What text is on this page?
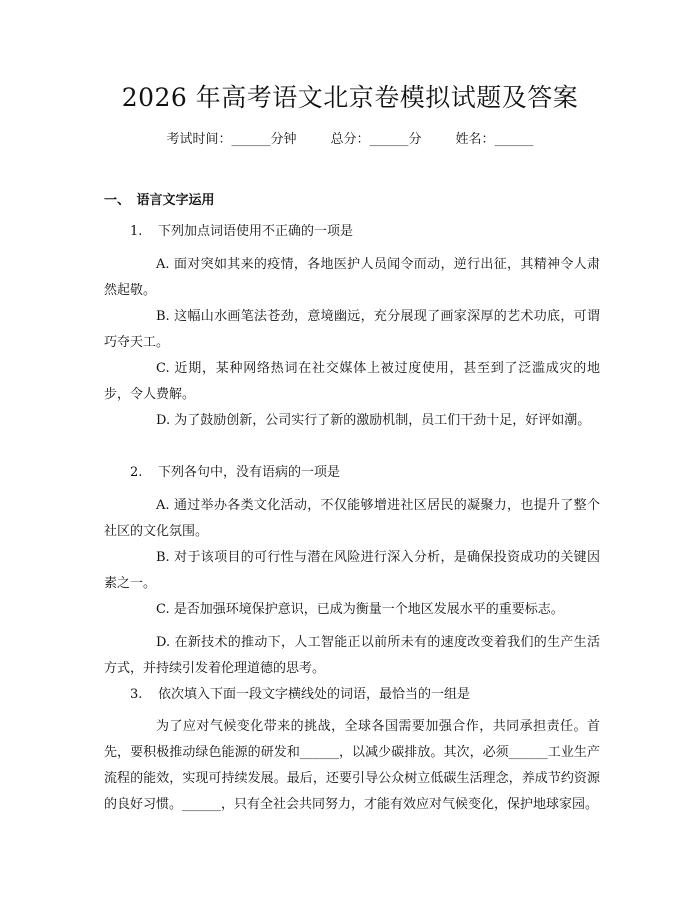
2026 年高考语文北京卷模拟试题及答案
考试时间：______分钟	总分：______分	姓名：______
一、　语言文字运用
1. 下列加点词语使用不正确的一项是
A. 面对突如其来的疫情，各地医护人员闻令而动，逆行出征，其精神令人肃然起敬。
B. 这幅山水画笔法苍劲，意境幽远，充分展现了画家深厚的艺术功底，可谓巧夺天工。
C. 近期，某种网络热词在社交媒体上被过度使用，甚至到了泛滥成灾的地步，令人费解。
D. 为了鼓励创新，公司实行了新的激励机制，员工们干劲十足，好评如潮。
2. 下列各句中，没有语病的一项是
A. 通过举办各类文化活动，不仅能够增进社区居民的凝聚力，也提升了整个社区的文化氛围。
B. 对于该项目的可行性与潜在风险进行深入分析，是确保投资成功的关键因素之一。
C. 是否加强环境保护意识，已成为衡量一个地区发展水平的重要标志。
D. 在新技术的推动下，人工智能正以前所未有的速度改变着我们的生产生活方式，并持续引发着伦理道德的思考。
3. 依次填入下面一段文字横线处的词语，最恰当的一组是
为了应对气候变化带来的挑战，全球各国需要加强合作，共同承担责任。首先，要积极推动绿色能源的研发和______，以减少碳排放。其次，必须______工业生产流程的能效，实现可持续发展。最后，还要引导公众树立低碳生活理念，养成节约资源的良好习惯。______，只有全社会共同努力，才能有效应对气候变化，保护地球家园。
